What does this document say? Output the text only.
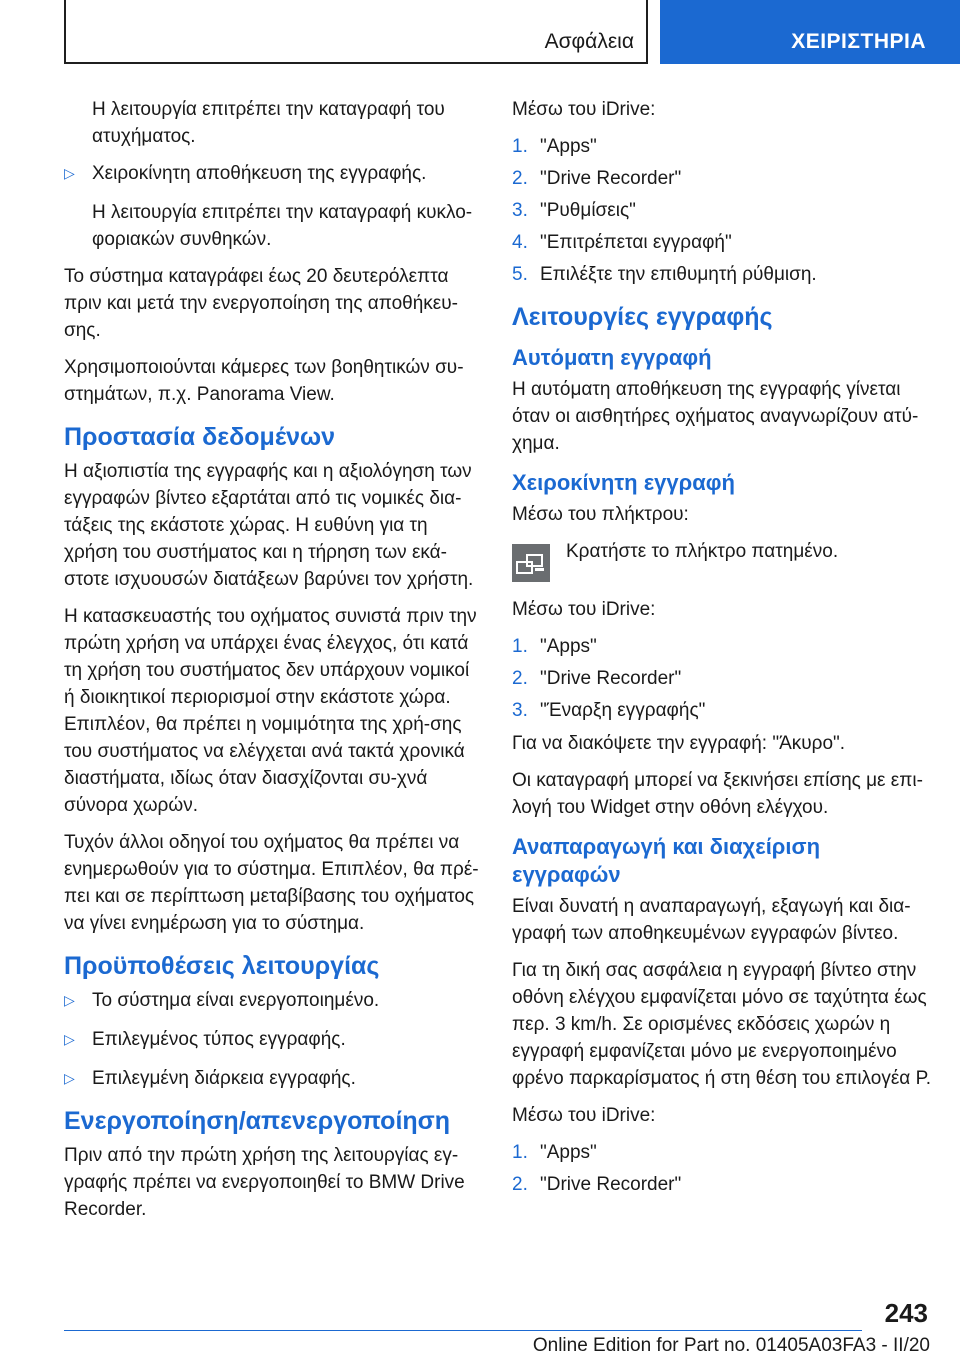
Ασφάλεια	ΧΕΙΡΙΣΤΗΡΙΑ

Η λειτουργία επιτρέπει την καταγραφή του ατυχήματος.

▷ Χειροκίνητη αποθήκευση της εγγραφής.

Η λειτουργία επιτρέπει την καταγραφή κυκλο‐φοριακών συνθηκών.

Το σύστημα καταγράφει έως 20 δευτερόλεπτα πριν και μετά την ενεργοποίηση της αποθήκευ‐σης.

Χρησιμοποιούνται κάμερες των βοηθητικών συ‐στημάτων, π.χ. Panorama View.

Προστασία δεδομένων

Η αξιοπιστία της εγγραφής και η αξιολόγηση των εγγραφών βίντεο εξαρτάται από τις νομικές δια‐τάξεις της εκάστοτε χώρας. Η ευθύνη για τη χρήση του συστήματος και η τήρηση των εκά‐στοτε ισχυουσών διατάξεων βαρύνει τον χρήστη.

Η κατασκευαστής του οχήματος συνιστά πριν την πρώτη χρήση να υπάρχει ένας έλεγχος, ότι κατά τη χρήση του συστήματος δεν υπάρχουν νομικοί ή διοικητικοί περιορισμοί στην εκάστοτε χώρα. Επιπλέον, θα πρέπει η νομιμότητα της χρή‐σης του συστήματος να ελέγχεται ανά τακτά χρονικά διαστήματα, ιδίως όταν διασχίζονται συ‐χνά σύνορα χωρών.

Τυχόν άλλοι οδηγοί του οχήματος θα πρέπει να ενημερωθούν για το σύστημα. Επιπλέον, θα πρέ‐πει και σε περίπτωση μεταβίβασης του οχήματος να γίνει ενημέρωση για το σύστημα.

Προϋποθέσεις λειτουργίας
▷ Το σύστημα είναι ενεργοποιημένο.
▷ Επιλεγμένος τύπος εγγραφής.
▷ Επιλεγμένη διάρκεια εγγραφής.
Ενεργοποίηση/απενεργοποίηση

Πριν από την πρώτη χρήση της λειτουργίας εγ‐γραφής πρέπει να ενεργοποιηθεί το BMW Drive Recorder.

Μέσω του iDrive:

1. "Apps"
2. "Drive Recorder"
3. "Ρυθμίσεις"
4. "Επιτρέπεται εγγραφή"
5. Επιλέξτε την επιθυμητή ρύθμιση.
Λειτουργίες εγγραφής
Αυτόματη εγγραφή

Η αυτόματη αποθήκευση της εγγραφής γίνεται όταν οι αισθητήρες οχήματος αναγνωρίζουν ατύ‐χημα.

Χειροκίνητη εγγραφή

Μέσω του πλήκτρου:

Κρατήστε το πλήκτρο πατημένο.

Μέσω του iDrive:

1. "Apps"
2. "Drive Recorder"
3. "Έναρξη εγγραφής"

Για να διακόψετε την εγγραφή: "Άκυρο".

Οι καταγραφή μπορεί να ξεκινήσει επίσης με επι‐λογή του Widget στην οθόνη ελέγχου.

Αναπαραγωγή και διαχείριση εγγραφών

Είναι δυνατή η αναπαραγωγή, εξαγωγή και δια‐γραφή των αποθηκευμένων εγγραφών βίντεο.

Για τη δική σας ασφάλεια η εγγραφή βίντεο στην οθόνη ελέγχου εμφανίζεται μόνο σε ταχύτητα έως περ. 3 km/h. Σε ορισμένες εκδόσεις χωρών η εγγραφή εμφανίζεται μόνο με ενεργοποιημένο φρένο παρκαρίσματος ή στη θέση του επιλογέα P.

Μέσω του iDrive:

1. "Apps"
2. "Drive Recorder"
243
Online Edition for Part no. 01405A03FA3 - II/20
